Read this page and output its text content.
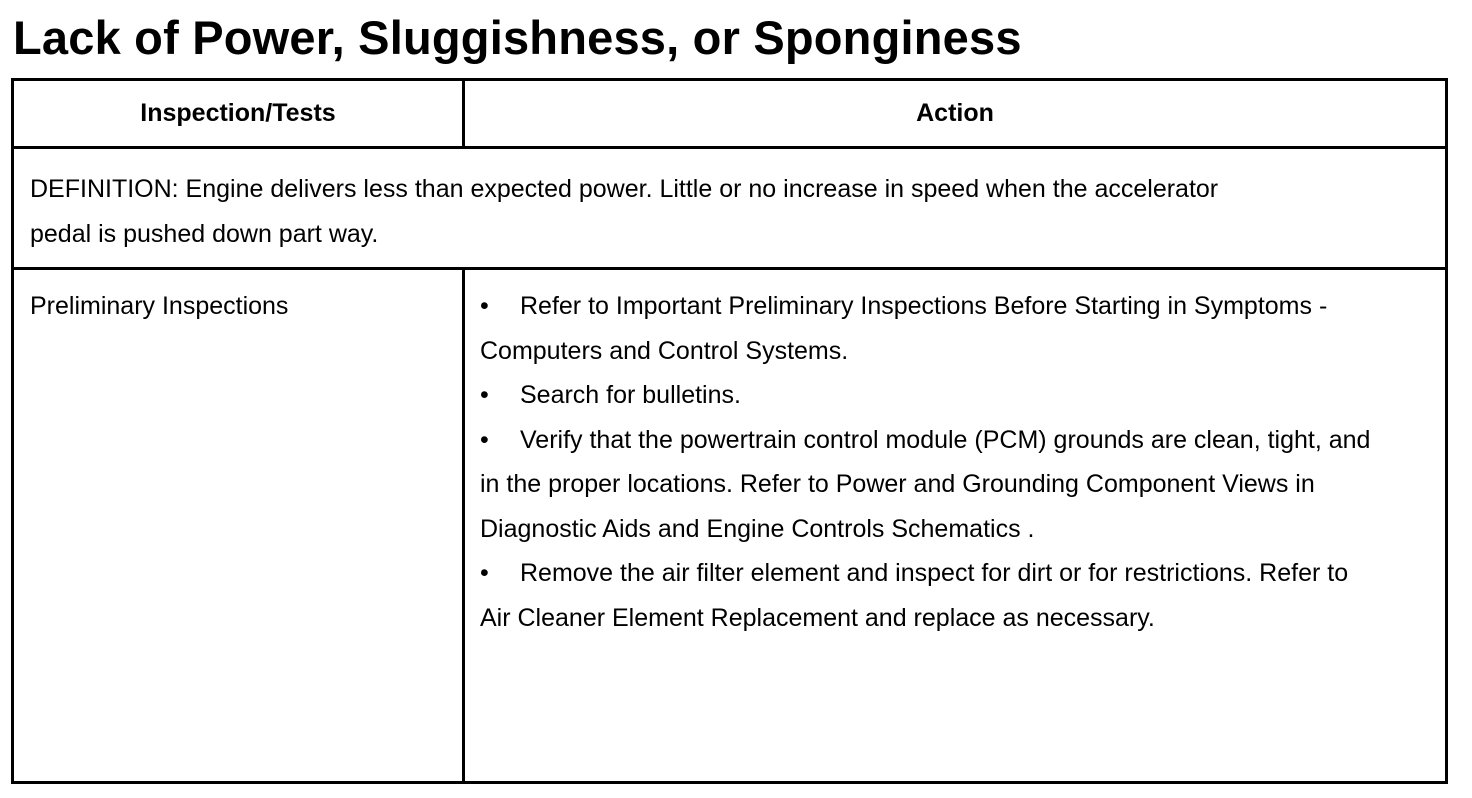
Lack of Power, Sluggishness, or Sponginess
Inspection/Tests	Action

DEFINITION: Engine delivers less than expected power. Little or no increase in speed when the accelerator pedal is pushed down part way.

Preliminary Inspections	• Refer to Important Preliminary Inspections Before Starting in Symptoms - Computers and Control Systems.

• Search for bulletins.

• Verify that the powertrain control module (PCM) grounds are clean, tight, and in the proper locations. Refer to Power and Grounding Component Views in Diagnostic Aids and Engine Controls Schematics .

• Remove the air filter element and inspect for dirt or for restrictions. Refer to Air Cleaner Element Replacement and replace as necessary.
